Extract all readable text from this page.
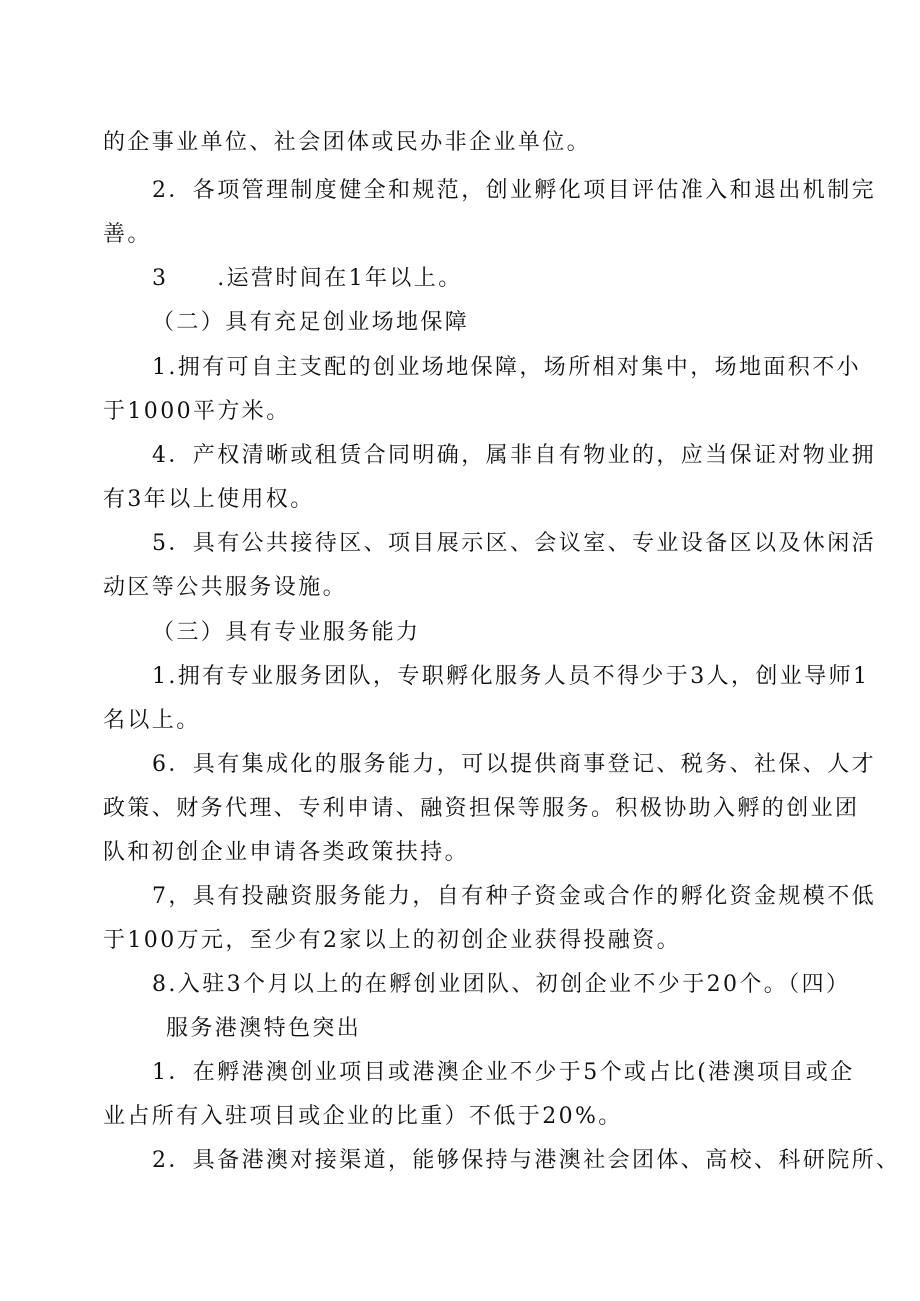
的企事业单位、社会团体或民办非企业单位。
2．各项管理制度健全和规范，创业孵化项目评估准入和退出机制完
善。
3　　.运营时间在1年以上。
（二）具有充足创业场地保障
1.拥有可自主支配的创业场地保障，场所相对集中，场地面积不小
于1000平方米。
4．产权清晰或租赁合同明确，属非自有物业的，应当保证对物业拥
有3年以上使用权。
5．具有公共接待区、项目展示区、会议室、专业设备区以及休闲活
动区等公共服务设施。
（三）具有专业服务能力
1.拥有专业服务团队，专职孵化服务人员不得少于3人，创业导师1
名以上。
6．具有集成化的服务能力，可以提供商事登记、税务、社保、人才
政策、财务代理、专利申请、融资担保等服务。积极协助入孵的创业团
队和初创企业申请各类政策扶持。
7，具有投融资服务能力，自有种子资金或合作的孵化资金规模不低
于100万元，至少有2家以上的初创企业获得投融资。
8.入驻3个月以上的在孵创业团队、初创企业不少于20个。（四）
服务港澳特色突出
1．在孵港澳创业项目或港澳企业不少于5个或占比(港澳项目或企
业占所有入驻项目或企业的比重）不低于20%。
2．具备港澳对接渠道，能够保持与港澳社会团体、高校、科研院所、
